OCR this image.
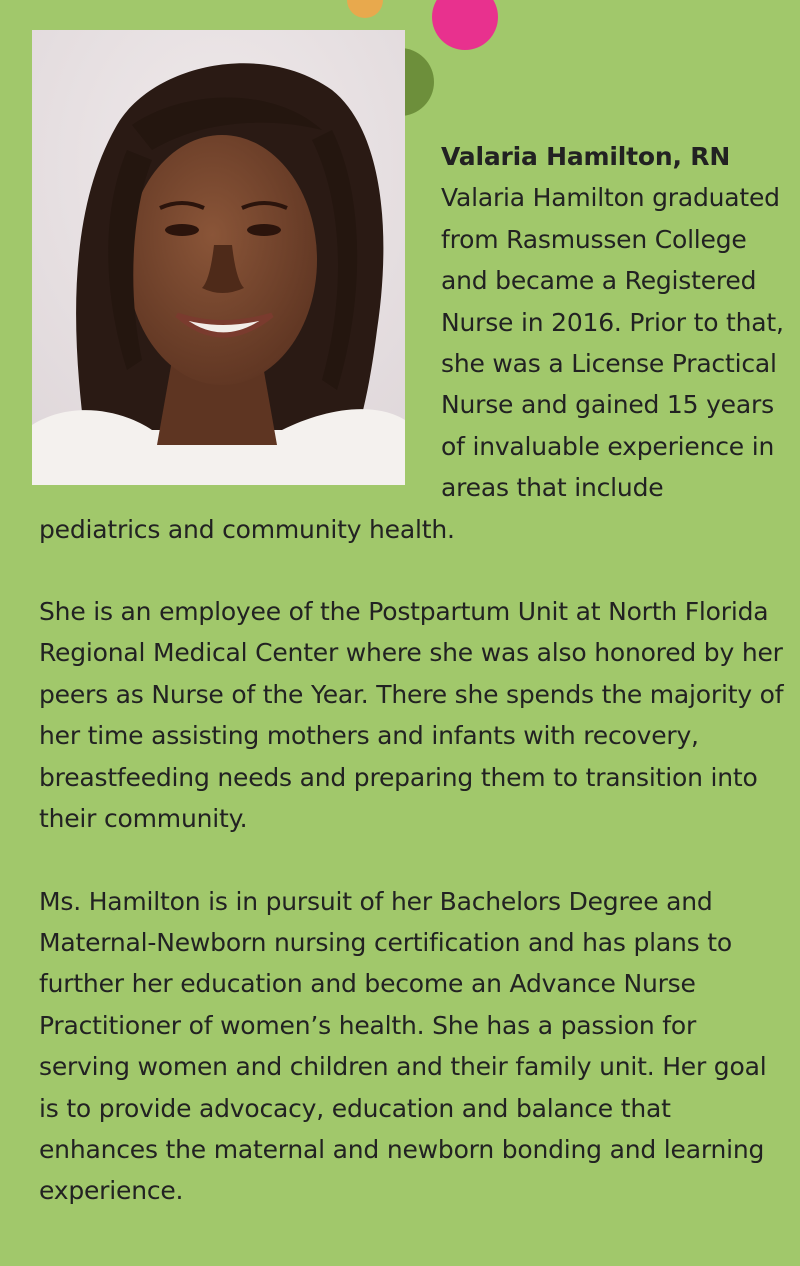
Valaria Hamilton, RN

Valaria Hamilton graduated from Rasmussen College and became a Registered Nurse in 2016. Prior to that, she was a License Practical Nurse and gained 15 years of invaluable experience in areas that include pediatrics and community health.

She is an employee of the Postpartum Unit at North Florida Regional Medical Center where she was also honored by her peers as Nurse of the Year. There she spends the majority of her time assisting mothers and infants with recovery, breastfeeding needs and preparing them to transition into their community.

Ms. Hamilton is in pursuit of her Bachelors Degree and Maternal-Newborn nursing certification and has plans to further her education and become an Advance Nurse Practitioner of women’s health. She has a passion for serving women and children and their family unit. Her goal is to provide advocacy, education and balance that enhances the maternal and newborn bonding and learning experience.
